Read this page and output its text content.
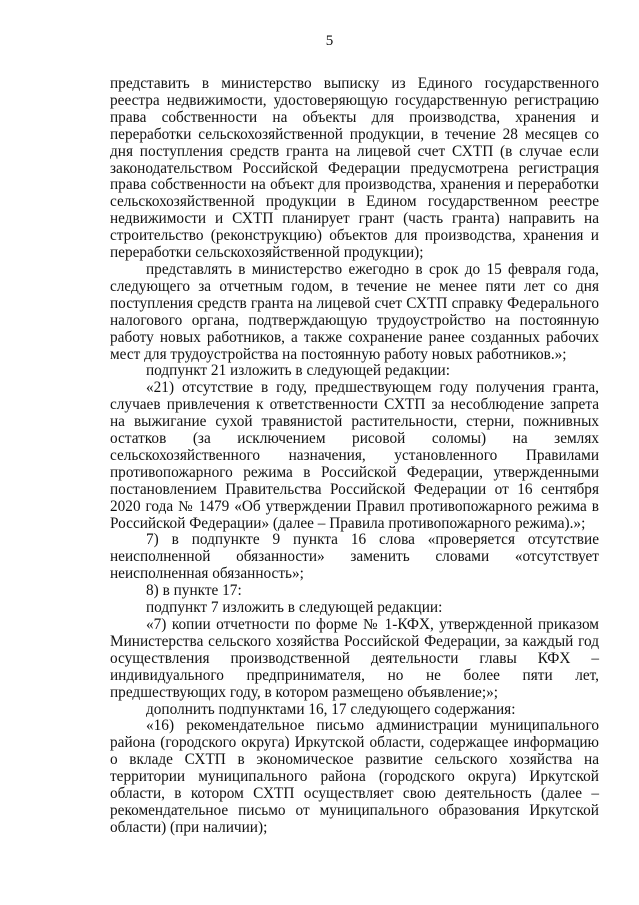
5

представить в министерство выписку из Единого государственного реестра недвижимости, удостоверяющую государственную регистрацию права собственности на объекты для производства, хранения и переработки сельскохозяйственной продукции, в течение 28 месяцев со дня поступления средств гранта на лицевой счет СХТП (в случае если законодательством Российской Федерации предусмотрена регистрация права собственности на объект для производства, хранения и переработки сельскохозяйственной продукции в Едином государственном реестре недвижимости и СХТП планирует грант (часть гранта) направить на строительство (реконструкцию) объектов для производства, хранения и переработки сельскохозяйственной продукции);

представлять в министерство ежегодно в срок до 15 февраля года, следующего за отчетным годом, в течение не менее пяти лет со дня поступления средств гранта на лицевой счет СХТП справку Федерального налогового органа, подтверждающую трудоустройство на постоянную работу новых работников, а также сохранение ранее созданных рабочих мест для трудоустройства на постоянную работу новых работников.»;

подпункт 21 изложить в следующей редакции:

«21) отсутствие в году, предшествующем году получения гранта, случаев привлечения к ответственности СХТП за несоблюдение запрета на выжигание сухой травянистой растительности, стерни, пожнивных остатков (за исключением рисовой соломы) на землях сельскохозяйственного назначения, установленного Правилами противопожарного режима в Российской Федерации, утвержденными постановлением Правительства Российской Федерации от 16 сентября 2020 года № 1479 «Об утверждении Правил противопожарного режима в Российской Федерации» (далее – Правила противопожарного режима).»;

7) в подпункте 9 пункта 16 слова «проверяется отсутствие неисполненной обязанности» заменить словами «отсутствует неисполненная обязанность»;

8) в пункте 17:

подпункт 7 изложить в следующей редакции:

«7) копии отчетности по форме № 1-КФХ, утвержденной приказом Министерства сельского хозяйства Российской Федерации, за каждый год осуществления производственной деятельности главы КФХ – индивидуального предпринимателя, но не более пяти лет, предшествующих году, в котором размещено объявление;»;

дополнить подпунктами 16, 17 следующего содержания:

«16) рекомендательное письмо администрации муниципального района (городского округа) Иркутской области, содержащее информацию о вкладе СХТП в экономическое развитие сельского хозяйства на территории муниципального района (городского округа) Иркутской области, в котором СХТП осуществляет свою деятельность (далее – рекомендательное письмо от муниципального образования Иркутской области) (при наличии);
